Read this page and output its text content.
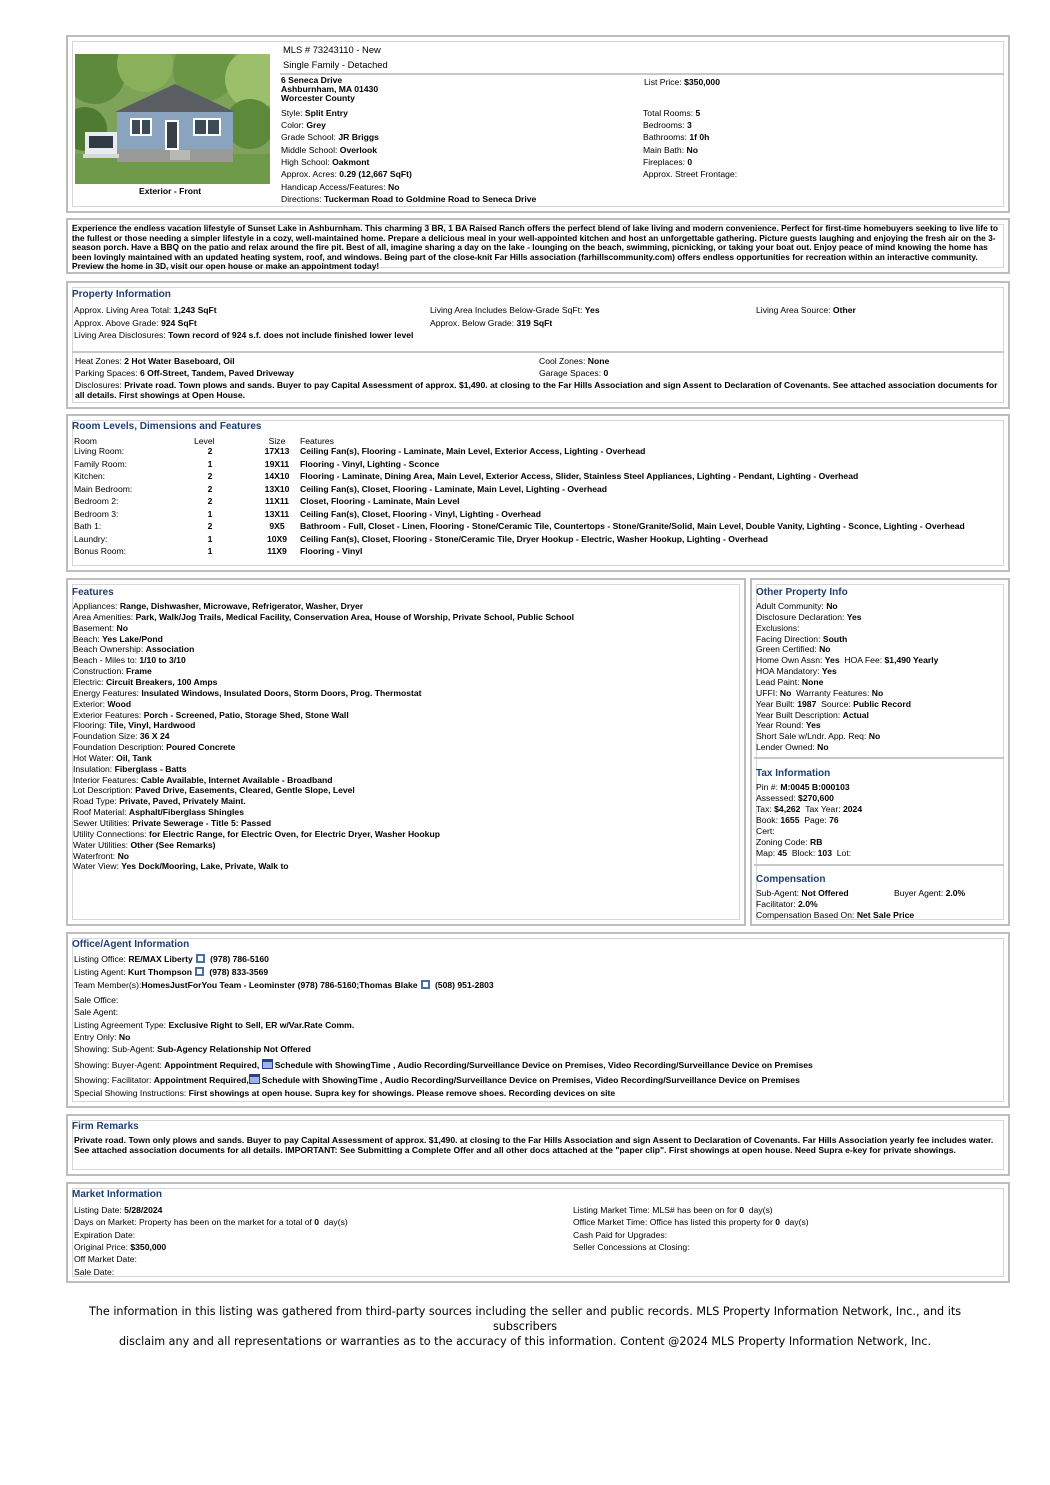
Exterior - Front
MLS # 73243110 - New
Single Family - Detached
6 Seneca Drive
Ashburnham, MA 01430
Worcester County
List Price: $350,000
Style: Split Entry
Color: Grey
Grade School: JR Briggs
Middle School: Overlook
High School: Oakmont
Approx. Acres: 0.29 (12,667 SqFt)
Handicap Access/Features: No
Directions: Tuckerman Road to Goldmine Road to Seneca Drive
Total Rooms: 5
Bedrooms: 3
Bathrooms: 1f 0h
Main Bath: No
Fireplaces: 0
Approx. Street Frontage:
Experience the endless vacation lifestyle of Sunset Lake in Ashburnham. This charming 3 BR, 1 BA Raised Ranch offers the perfect blend of lake living and modern convenience. Perfect for first-time homebuyers seeking to live life to the fullest or those needing a simpler lifestyle in a cozy, well-maintained home. Prepare a delicious meal in your well-appointed kitchen and host an unforgettable gathering. Picture guests laughing and enjoying the fresh air on the 3-season porch. Have a BBQ on the patio and relax around the fire pit. Best of all, imagine sharing a day on the lake - lounging on the beach, swimming, picnicking, or taking your boat out. Enjoy peace of mind knowing the home has been lovingly maintained with an updated heating system, roof, and windows. Being part of the close-knit Far Hills association (farhillscommunity.com) offers endless opportunities for recreation within an interactive community. Preview the home in 3D, visit our open house or make an appointment today!
Property Information
Approx. Living Area Total: 1,243 SqFt	Living Area Includes Below-Grade SqFt: Yes	Living Area Source: Other
Approx. Above Grade: 924 SqFt	Approx. Below Grade: 319 SqFt
Living Area Disclosures: Town record of 924 s.f. does not include finished lower level
Heat Zones: 2 Hot Water Baseboard, Oil	Cool Zones: None
Parking Spaces: 6 Off-Street, Tandem, Paved Driveway	Garage Spaces: 0
Disclosures: Private road. Town plows and sands. Buyer to pay Capital Assessment of approx. $1,490. at closing to the Far Hills Association and sign Assent to Declaration of Covenants. See attached association documents for all details. First showings at Open House.
Room Levels, Dimensions and Features
Room	Level	Size	Features
Living Room:	2	17X13	Ceiling Fan(s), Flooring - Laminate, Main Level, Exterior Access, Lighting - Overhead
Family Room:	1	19X11	Flooring - Vinyl, Lighting - Sconce
Kitchen:	2	14X10	Flooring - Laminate, Dining Area, Main Level, Exterior Access, Slider, Stainless Steel Appliances, Lighting - Pendant, Lighting - Overhead
Main Bedroom:	2	13X10	Ceiling Fan(s), Closet, Flooring - Laminate, Main Level, Lighting - Overhead
Bedroom 2:	2	11X11	Closet, Flooring - Laminate, Main Level
Bedroom 3:	1	13X11	Ceiling Fan(s), Closet, Flooring - Vinyl, Lighting - Overhead
Bath 1:	2	9X5	Bathroom - Full, Closet - Linen, Flooring - Stone/Ceramic Tile, Countertops - Stone/Granite/Solid, Main Level, Double Vanity, Lighting - Sconce, Lighting - Overhead
Laundry:	1	10X9	Ceiling Fan(s), Closet, Flooring - Stone/Ceramic Tile, Dryer Hookup - Electric, Washer Hookup, Lighting - Overhead
Bonus Room:	1	11X9	Flooring - Vinyl
Features
Appliances: Range, Dishwasher, Microwave, Refrigerator, Washer, Dryer
Area Amenities: Park, Walk/Jog Trails, Medical Facility, Conservation Area, House of Worship, Private School, Public School
Basement: No
Beach: Yes Lake/Pond
Beach Ownership: Association
Beach - Miles to: 1/10 to 3/10
Construction: Frame
Electric: Circuit Breakers, 100 Amps
Energy Features: Insulated Windows, Insulated Doors, Storm Doors, Prog. Thermostat
Exterior: Wood
Exterior Features: Porch - Screened, Patio, Storage Shed, Stone Wall
Flooring: Tile, Vinyl, Hardwood
Foundation Size: 36 X 24
Foundation Description: Poured Concrete
Hot Water: Oil, Tank
Insulation: Fiberglass - Batts
Interior Features: Cable Available, Internet Available - Broadband
Lot Description: Paved Drive, Easements, Cleared, Gentle Slope, Level
Road Type: Private, Paved, Privately Maint.
Roof Material: Asphalt/Fiberglass Shingles
Sewer Utilities: Private Sewerage - Title 5: Passed
Utility Connections: for Electric Range, for Electric Oven, for Electric Dryer, Washer Hookup
Water Utilities: Other (See Remarks)
Waterfront: No
Water View: Yes Dock/Mooring, Lake, Private, Walk to
Other Property Info
Adult Community: No
Disclosure Declaration: Yes
Exclusions:
Facing Direction: South
Green Certified: No
Home Own Assn: Yes HOA Fee: $1,490 Yearly
HOA Mandatory: Yes
Lead Paint: None
UFFI: No Warranty Features: No
Year Built: 1987 Source: Public Record
Year Built Description: Actual
Year Round: Yes
Short Sale w/Lndr. App. Req: No
Lender Owned: No
Tax Information
Pin #: M:0045 B:000103
Assessed: $270,600
Tax: $4,262 Tax Year: 2024
Book: 1655 Page: 76
Cert:
Zoning Code: RB
Map: 45 Block: 103 Lot:
Compensation
Sub-Agent: Not Offered	Buyer Agent: 2.0%
Facilitator: 2.0%
Compensation Based On: Net Sale Price
Office/Agent Information
Listing Office: RE/MAX Liberty (978) 786-5160
Listing Agent: Kurt Thompson (978) 833-3569
Team Member(s):HomesJustForYou Team - Leominster (978) 786-5160;Thomas Blake (508) 951-2803
Sale Office:
Sale Agent:
Listing Agreement Type: Exclusive Right to Sell, ER w/Var.Rate Comm.
Entry Only: No
Showing: Sub-Agent: Sub-Agency Relationship Not Offered
Showing: Buyer-Agent: Appointment Required, Schedule with ShowingTime , Audio Recording/Surveillance Device on Premises, Video Recording/Surveillance Device on Premises
Showing: Facilitator: Appointment Required, Schedule with ShowingTime , Audio Recording/Surveillance Device on Premises, Video Recording/Surveillance Device on Premises
Special Showing Instructions: First showings at open house. Supra key for showings. Please remove shoes. Recording devices on site
Firm Remarks
Private road. Town only plows and sands. Buyer to pay Capital Assessment of approx. $1,490. at closing to the Far Hills Association and sign Assent to Declaration of Covenants. Far Hills Association yearly fee includes water. See attached association documents for all details. IMPORTANT: See Submitting a Complete Offer and all other docs attached at the "paper clip". First showings at open house. Need Supra e-key for private showings.
Market Information
Listing Date: 5/28/2024
Days on Market: Property has been on the market for a total of 0 day(s)
Expiration Date:
Original Price: $350,000
Off Market Date:
Sale Date:
Listing Market Time: MLS# has been on for 0 day(s)
Office Market Time: Office has listed this property for 0 day(s)
Cash Paid for Upgrades:
Seller Concessions at Closing:
The information in this listing was gathered from third-party sources including the seller and public records. MLS Property Information Network, Inc., and its subscribers
disclaim any and all representations or warranties as to the accuracy of this information. Content @2024 MLS Property Information Network, Inc.
